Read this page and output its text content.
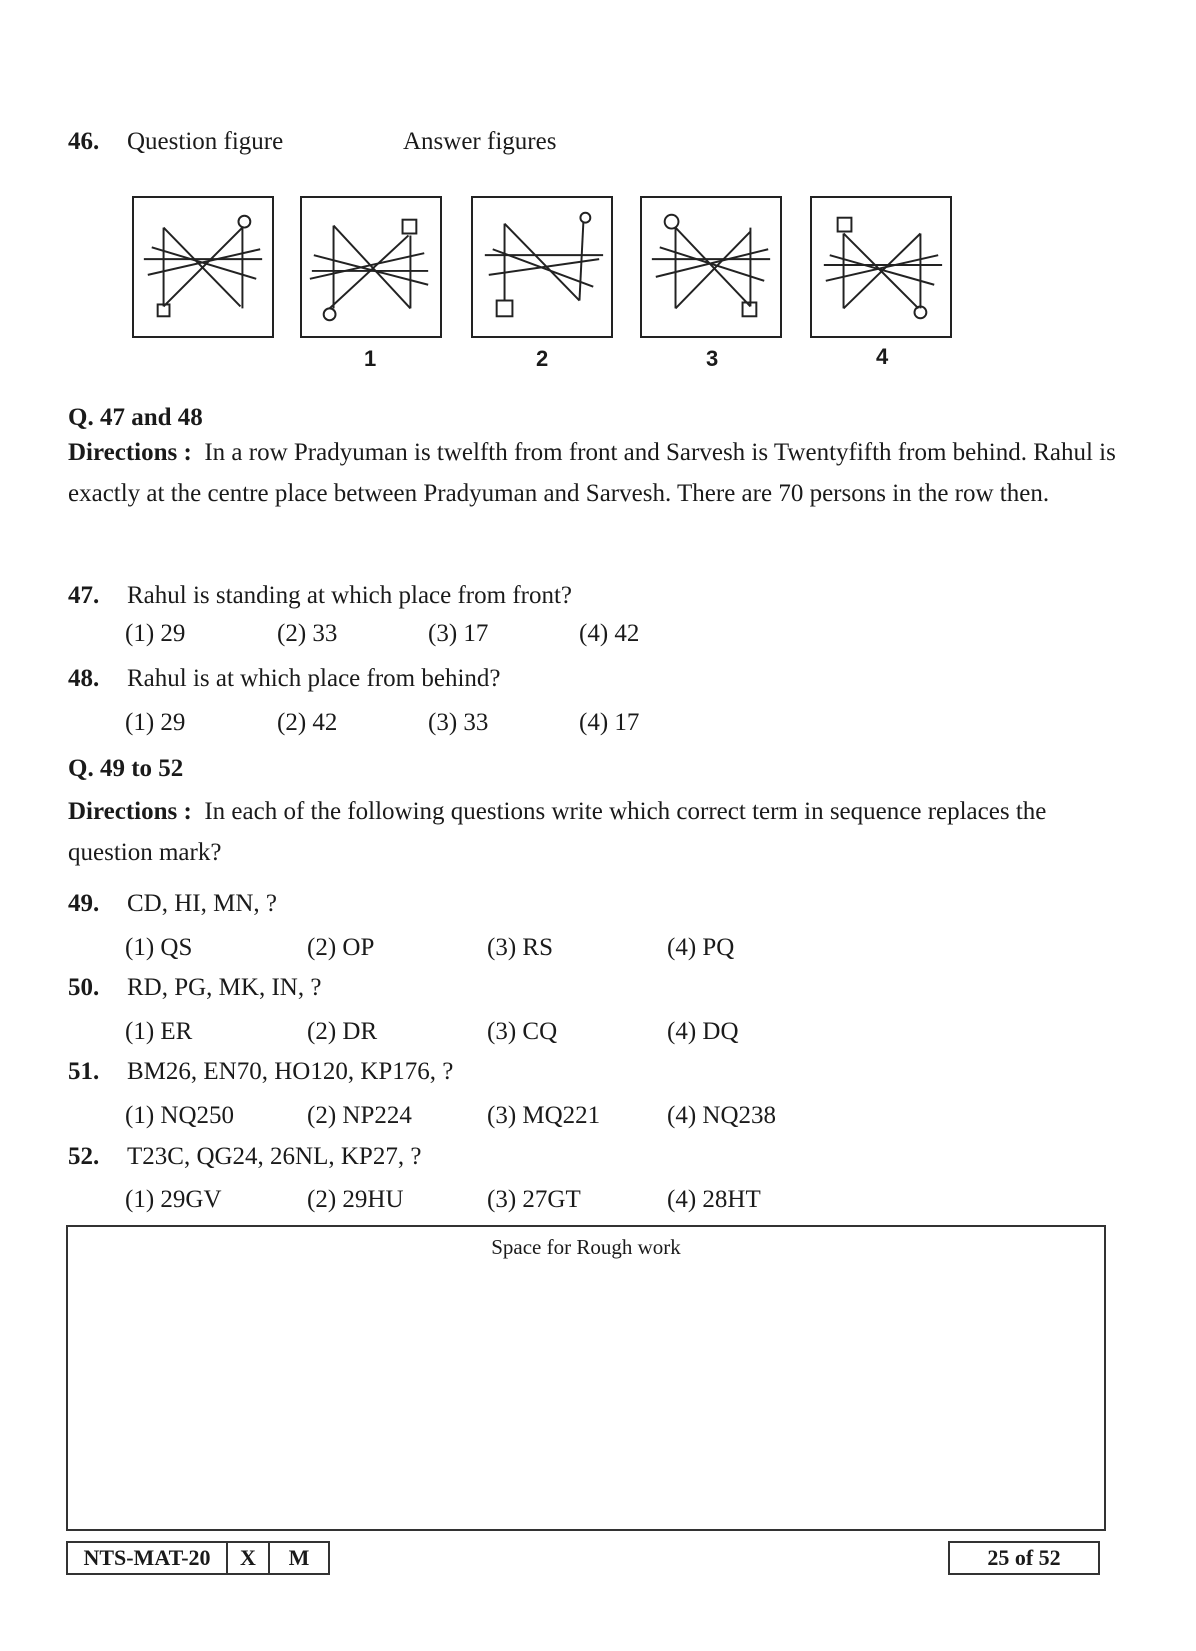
46. Question figure	Answer figures
1	2	3	4
Q. 47 and 48
Directions : In a row Pradyuman is twelfth from front and Sarvesh is Twentyfifth from behind. Rahul is exactly at the centre place between Pradyuman and Sarvesh. There are 70 persons in the row then.
47. Rahul is standing at which place from front?
(1) 29	(2) 33	(3) 17	(4) 42
48. Rahul is at which place from behind?
(1) 29	(2) 42	(3) 33	(4) 17
Q. 49 to 52
Directions : In each of the following questions write which correct term in sequence replaces the question mark?
49. CD, HI, MN, ?
(1) QS	(2) OP	(3) RS	(4) PQ
50. RD, PG, MK, IN, ?
(1) ER	(2) DR	(3) CQ	(4) DQ
51. BM26, EN70, HO120, KP176, ?
(1) NQ250	(2) NP224	(3) MQ221	(4) NQ238
52. T23C, QG24, 26NL, KP27, ?
(1) 29GV	(2) 29HU	(3) 27GT	(4) 28HT
Space for Rough work
NTS-MAT-20	X	M	25 of 52
